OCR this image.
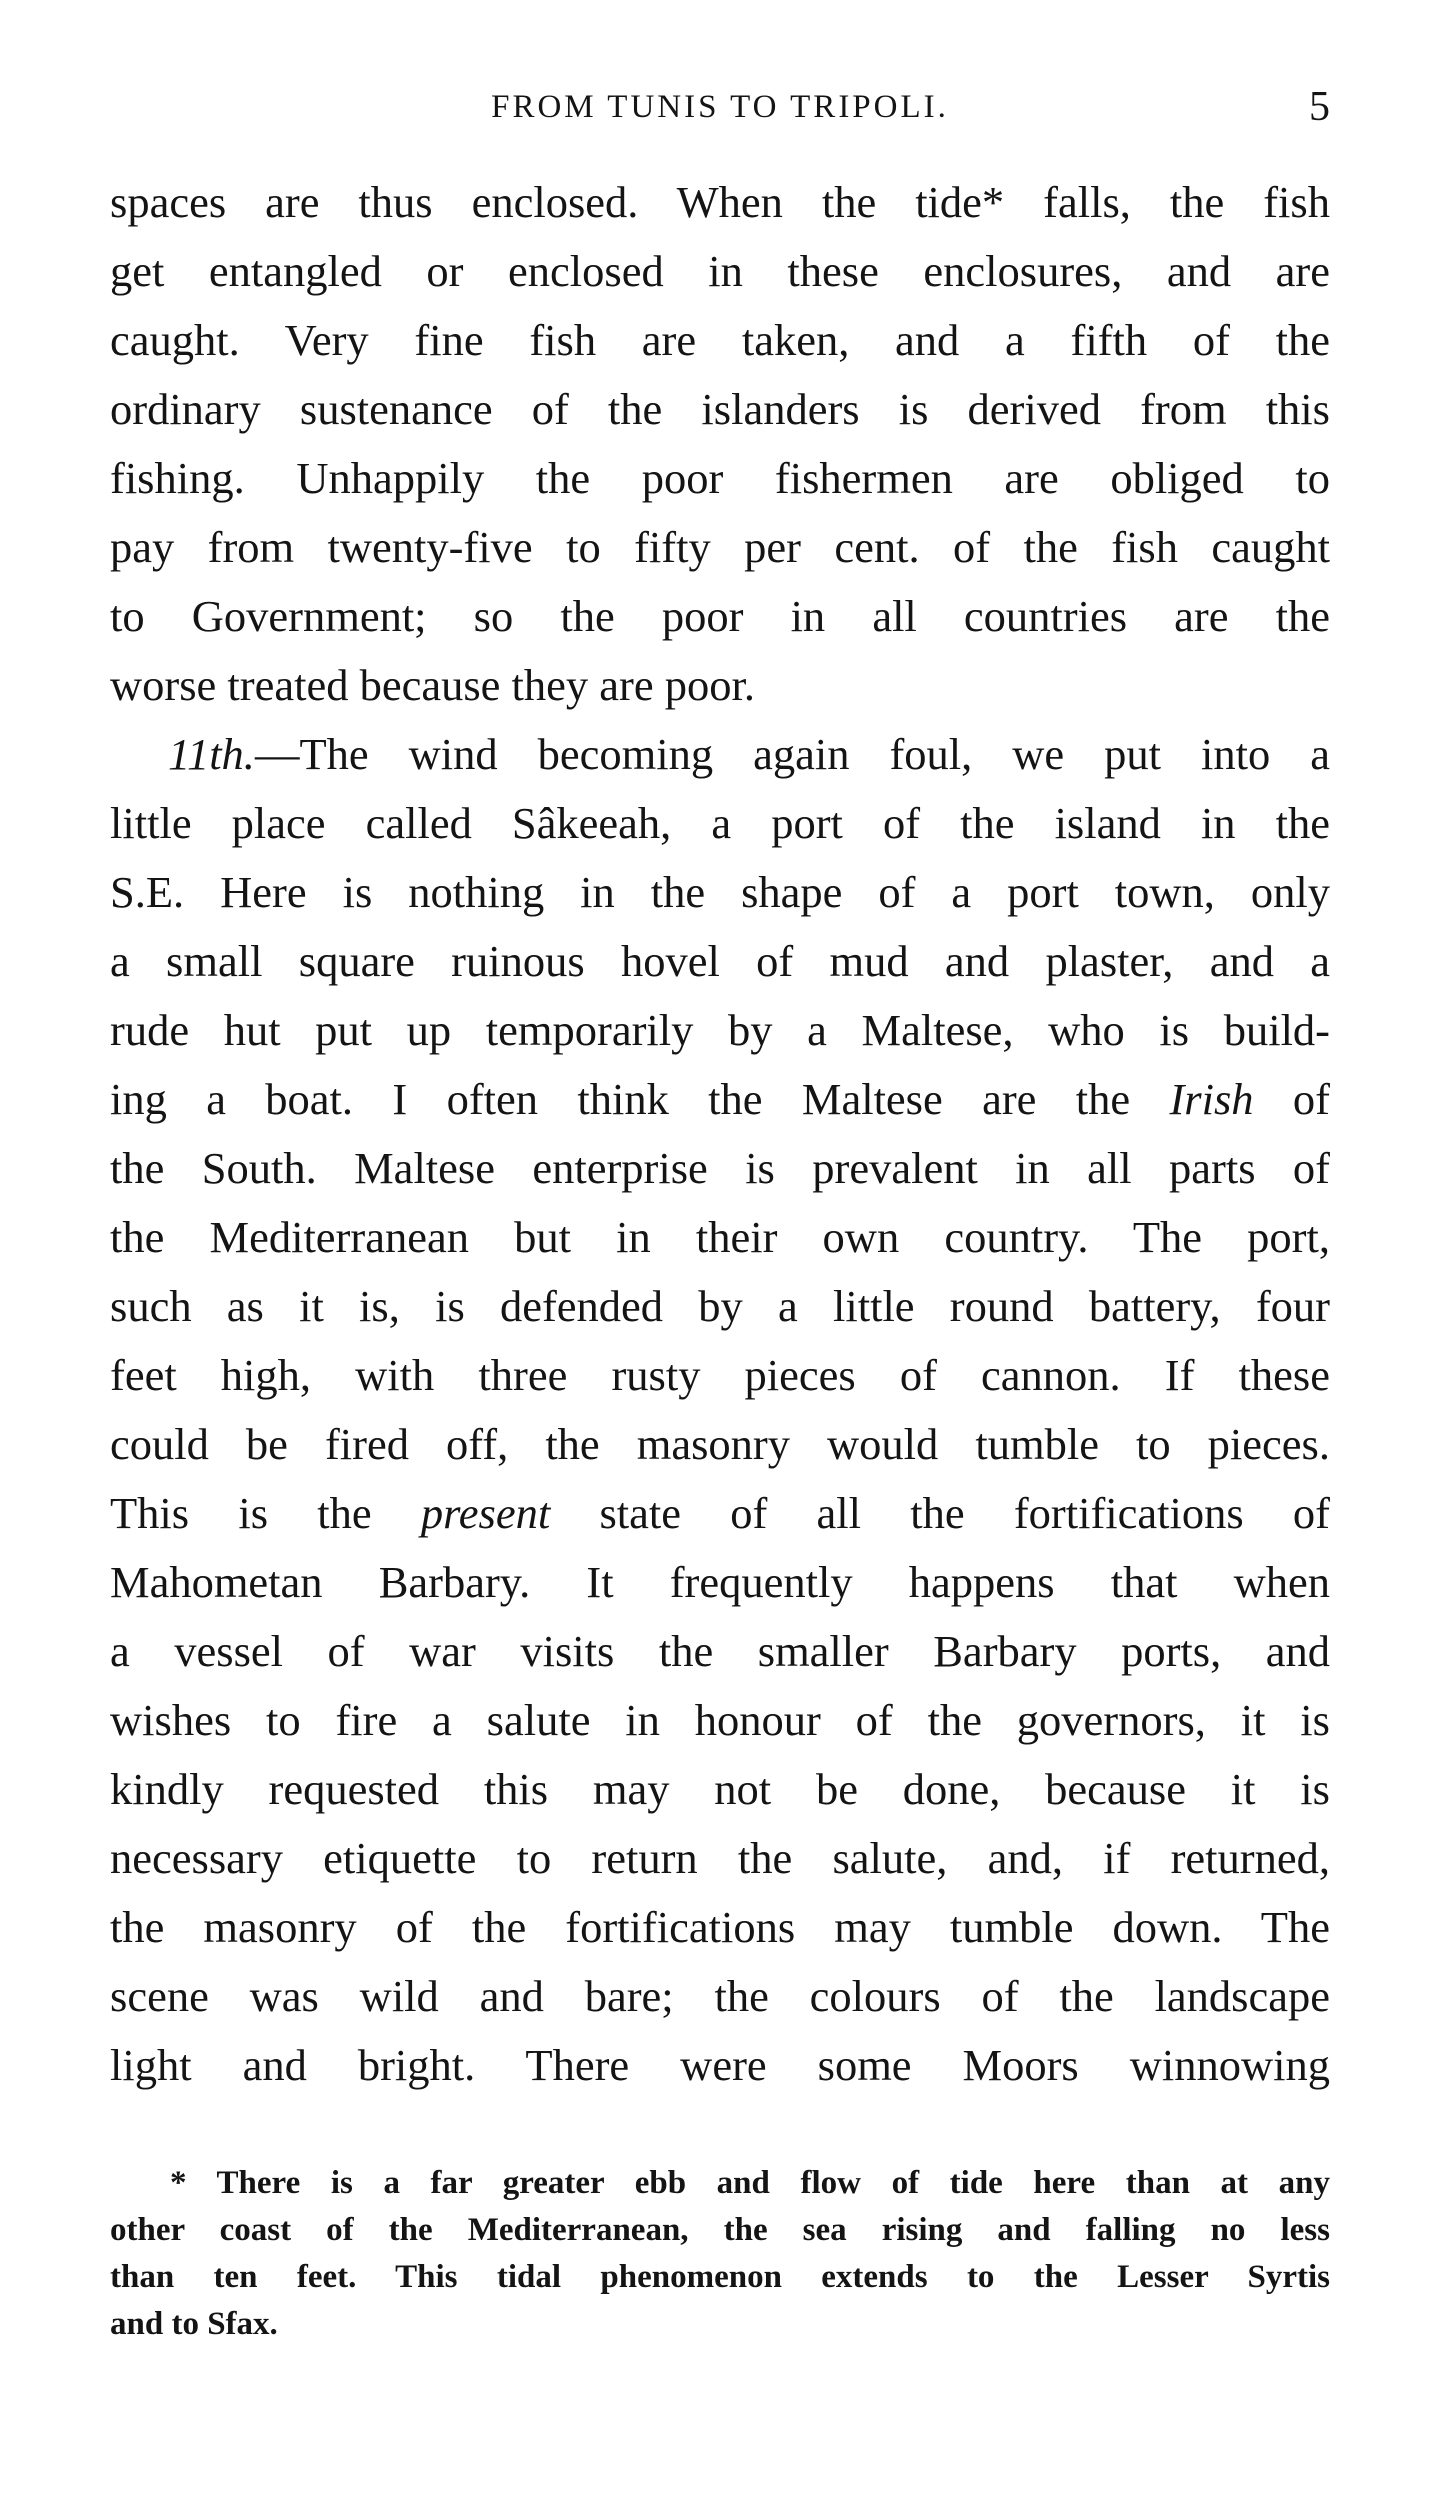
FROM TUNIS TO TRIPOLI.	5
spaces are thus enclosed. When the tide* falls, the fish
get entangled or enclosed in these enclosures, and are
caught. Very fine fish are taken, and a fifth of the
ordinary sustenance of the islanders is derived from this
fishing. Unhappily the poor fishermen are obliged to
pay from twenty-five to fifty per cent. of the fish caught
to Government; so the poor in all countries are the
worse treated because they are poor.
11th.—The wind becoming again foul, we put into a
little place called Sâkeeah, a port of the island in the
S.E. Here is nothing in the shape of a port town, only
a small square ruinous hovel of mud and plaster, and a
rude hut put up temporarily by a Maltese, who is build-
ing a boat. I often think the Maltese are the Irish of
the South. Maltese enterprise is prevalent in all parts of
the Mediterranean but in their own country. The port,
such as it is, is defended by a little round battery, four
feet high, with three rusty pieces of cannon. If these
could be fired off, the masonry would tumble to pieces.
This is the present state of all the fortifications of
Mahometan Barbary. It frequently happens that when
a vessel of war visits the smaller Barbary ports, and
wishes to fire a salute in honour of the governors, it is
kindly requested this may not be done, because it is
necessary etiquette to return the salute, and, if returned,
the masonry of the fortifications may tumble down. The
scene was wild and bare; the colours of the landscape
light and bright. There were some Moors winnowing
* There is a far greater ebb and flow of tide here than at any
other coast of the Mediterranean, the sea rising and falling no less
than ten feet. This tidal phenomenon extends to the Lesser Syrtis
and to Sfax.
